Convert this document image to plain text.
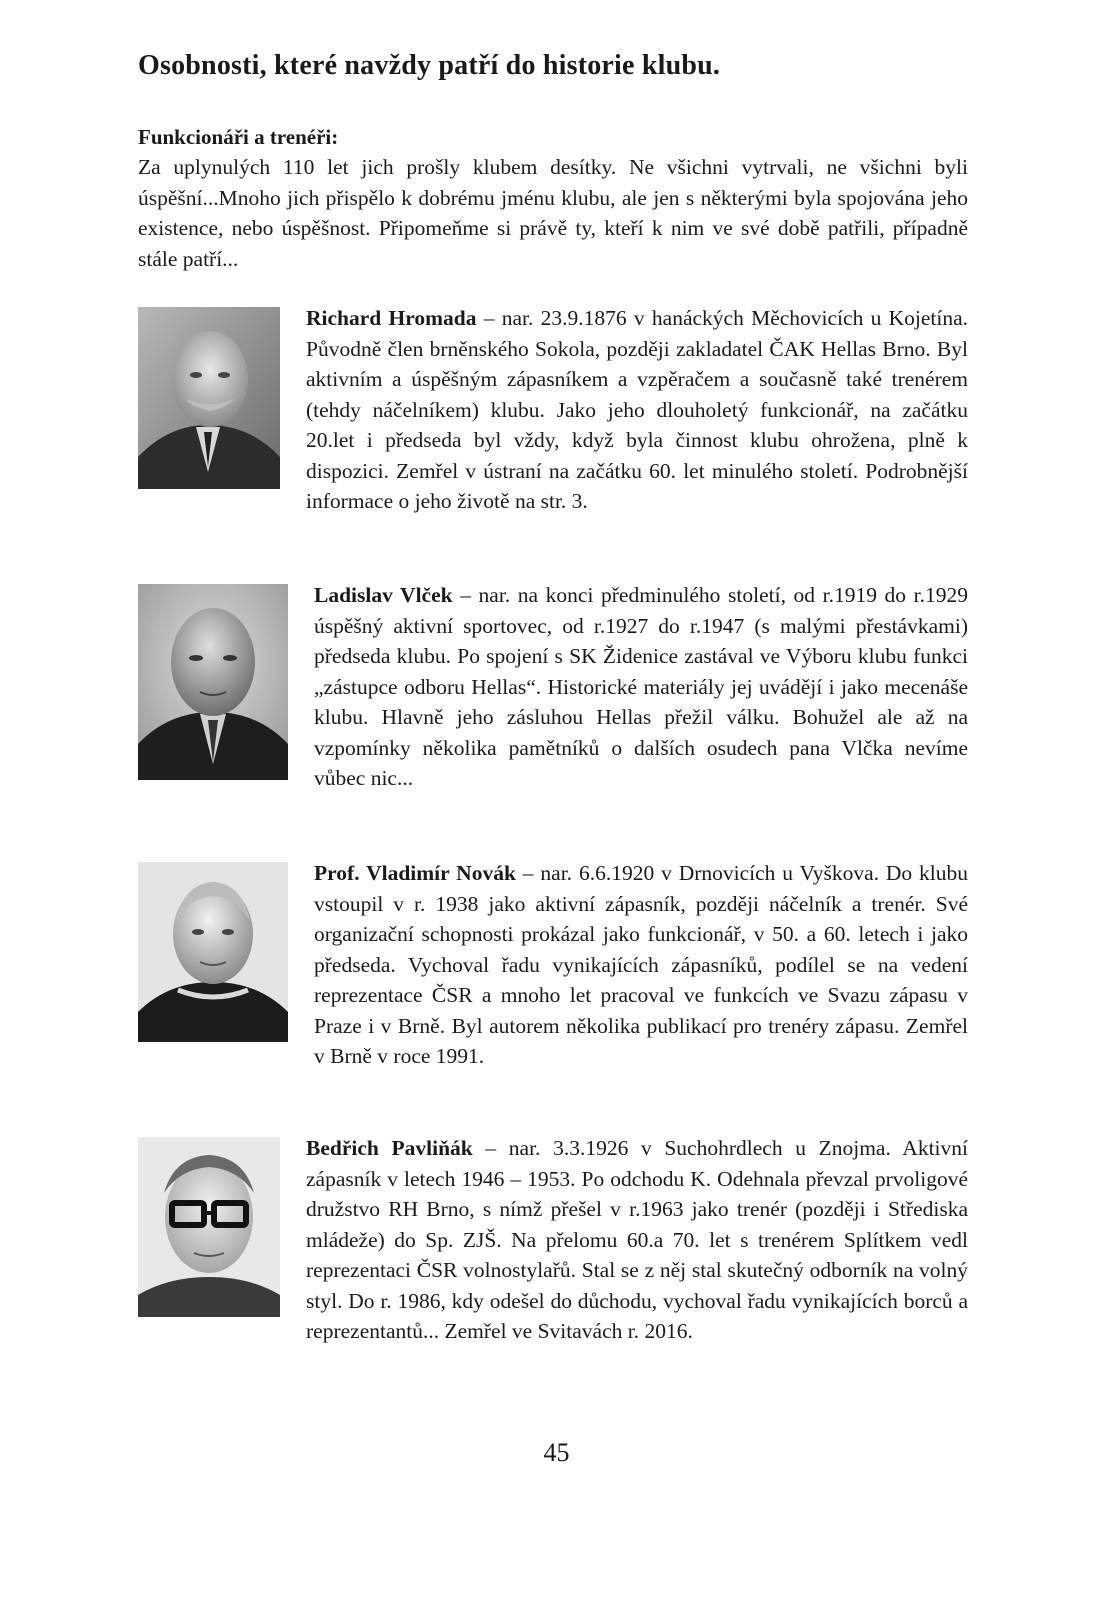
Osobnosti, které navždy patří do historie klubu.
Funkcionáři a trenéři:

Za uplynulých 110 let jich prošly klubem desítky. Ne všichni vytrvali, ne všichni byli úspěšní...Mnoho jich přispělo k dobrému jménu klubu, ale jen s některými byla spojována jeho existence, nebo úspěšnost. Připomeňme si právě ty, kteří k nim ve své době patřili, případně stále patří...

Richard Hromada – nar. 23.9.1876 v hanáckých Měchovicích u Kojetína. Původně člen brněnského Sokola, později zakladatel ČAK Hellas Brno. Byl aktivním a úspěšným zápasníkem a vzpěračem a současně také trenérem (tehdy náčelníkem) klubu. Jako jeho dlouholetý funkcionář, na začátku 20.let i předseda byl vždy, když byla činnost klubu ohrožena, plně k dispozici. Zemřel v ústraní na začátku 60. let minulého století. Podrobnější informace o jeho životě na str. 3.

Ladislav Vlček – nar. na konci předminulého století, od r.1919 do r.1929 úspěšný aktivní sportovec, od r.1927 do r.1947 (s malými přestávkami) předseda klubu. Po spojení s SK Židenice zastával ve Výboru klubu funkci „zástupce odboru Hellas“. Historické materiály jej uvádějí i jako mecenáše klubu. Hlavně jeho zásluhou Hellas přežil válku. Bohužel ale až na vzpomínky několika pamětníků o dalších osudech pana Vlčka nevíme vůbec nic...

Prof. Vladimír Novák – nar. 6.6.1920 v Drnovicích u Vyškova. Do klubu vstoupil v r. 1938 jako aktivní zápasník, později náčelník a trenér. Své organizační schopnosti prokázal jako funkcionář, v 50. a 60. letech i jako předseda. Vychoval řadu vynikajících zápasníků, podílel se na vedení reprezentace ČSR a mnoho let pracoval ve funkcích ve Svazu zápasu v Praze i v Brně. Byl autorem několika publikací pro trenéry zápasu. Zemřel v Brně v roce 1991.

Bedřich Pavliňák – nar. 3.3.1926 v Suchohrdlech u Znojma. Aktivní zápasník v letech 1946 – 1953. Po odchodu K. Odehnala převzal prvoligové družstvo RH Brno, s nímž přešel v r.1963 jako trenér (později i Střediska mládeže) do Sp. ZJŠ. Na přelomu 60.a 70. let s trenérem Splítkem vedl reprezentaci ČSR volnostylařů. Stal se z něj stal skutečný odborník na volný styl. Do r. 1986, kdy odešel do důchodu, vychoval řadu vynikajících borců a reprezentantů... Zemřel ve Svitavách r. 2016.

45
